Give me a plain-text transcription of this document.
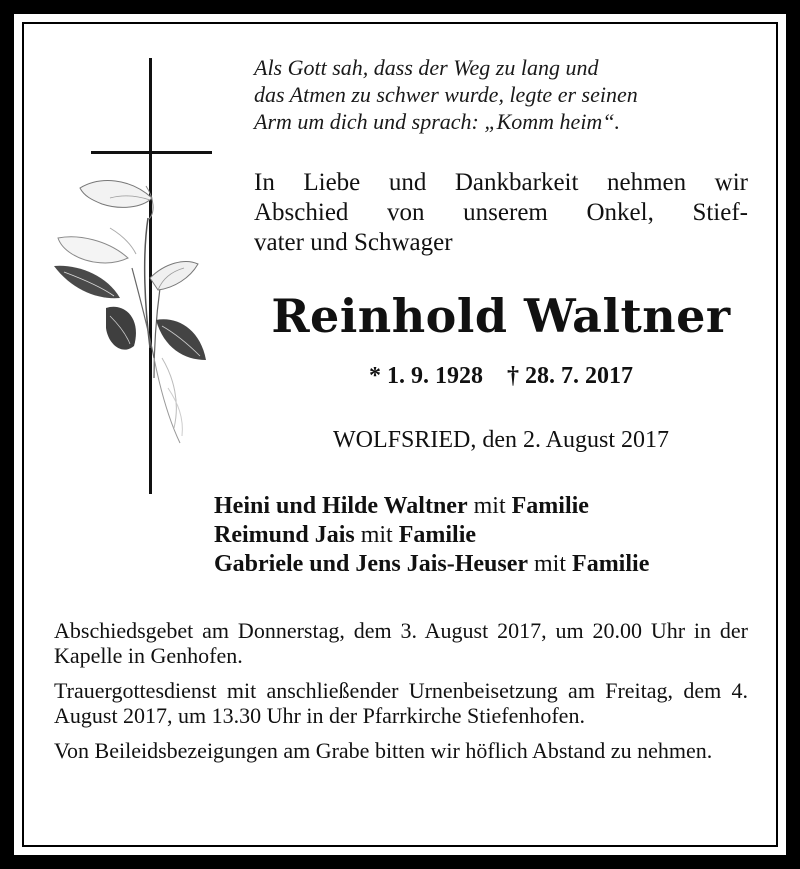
Als Gott sah, dass der Weg zu lang und
das Atmen zu schwer wurde, legte er seinen
Arm um dich und sprach: „Komm heim“.
In Liebe und Dankbarkeit nehmen wir
Abschied von unserem Onkel, Stief-
vater und Schwager
Reinhold Waltner
* 1. 9. 1928 † 28. 7. 2017
WOLFSRIED, den 2. August 2017
Heini und Hilde Waltner mit Familie
Reimund Jais mit Familie
Gabriele und Jens Jais-Heuser mit Familie

Abschiedsgebet am Donnerstag, dem 3. August 2017, um 20.00 Uhr in der Kapelle in Genhofen.

Trauergottesdienst mit anschließender Urnenbeisetzung am Freitag, dem 4. August 2017, um 13.30 Uhr in der Pfarrkirche Stiefenhofen.

Von Beileidsbezeigungen am Grabe bitten wir höflich Abstand zu nehmen.
